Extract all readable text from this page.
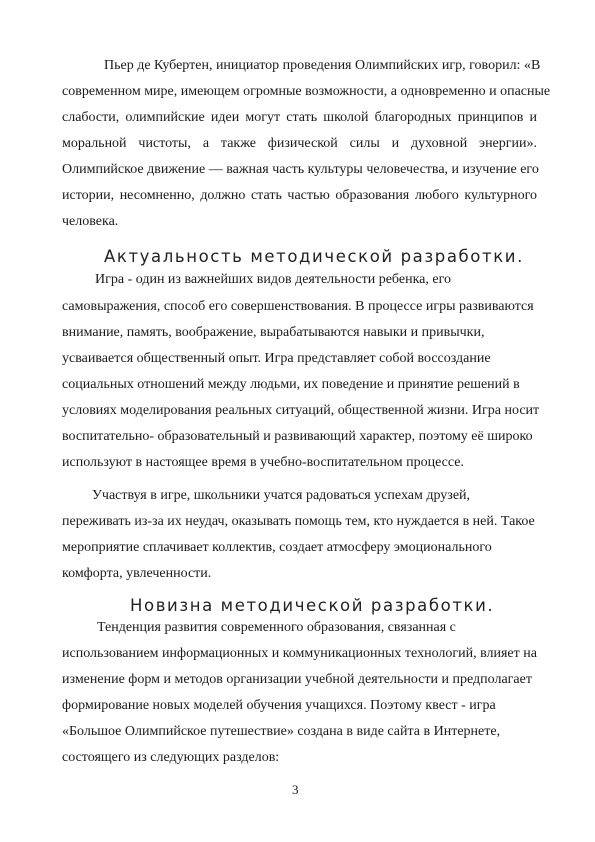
Пьер де Кубертен, инициатор проведения Олимпийских игр, говорил: «В
современном мире, имеющем огромные возможности, а одновременно и опасные
слабости, олимпийские идеи могут стать школой благородных принципов и
моральной чистоты, а также физической силы и духовной энергии».
Олимпийское движение — важная часть культуры человечества, и изучение его
истории, несомненно, должно стать частью образования любого культурного
человека.
Актуальность методической разработки.
Игра - один из важнейших видов деятельности ребенка, его
самовыражения, способ его совершенствования. В процессе игры развиваются
внимание, память, воображение, вырабатываются навыки и привычки,
усваивается общественный опыт. Игра представляет собой воссоздание
социальных отношений между людьми, их поведение и принятие решений в
условиях моделирования реальных ситуаций, общественной жизни. Игра носит
воспитательно- образовательный и развивающий характер, поэтому её широко
используют в настоящее время в учебно-воспитательном процессе.
Участвуя в игре, школьники учатся радоваться успехам друзей,
переживать из-за их неудач, оказывать помощь тем, кто нуждается в ней. Такое
мероприятие сплачивает коллектив, создает атмосферу эмоционального
комфорта, увлеченности.
Новизна методической разработки.
Тенденция развития современного образования, связанная с
использованием информационных и коммуникационных технологий, влияет на
изменение форм и методов организации учебной деятельности и предполагает
формирование новых моделей обучения учащихся. Поэтому квест - игра
«Большое Олимпийское путешествие» создана в виде сайта в Интернете,
состоящего из следующих разделов:
3
